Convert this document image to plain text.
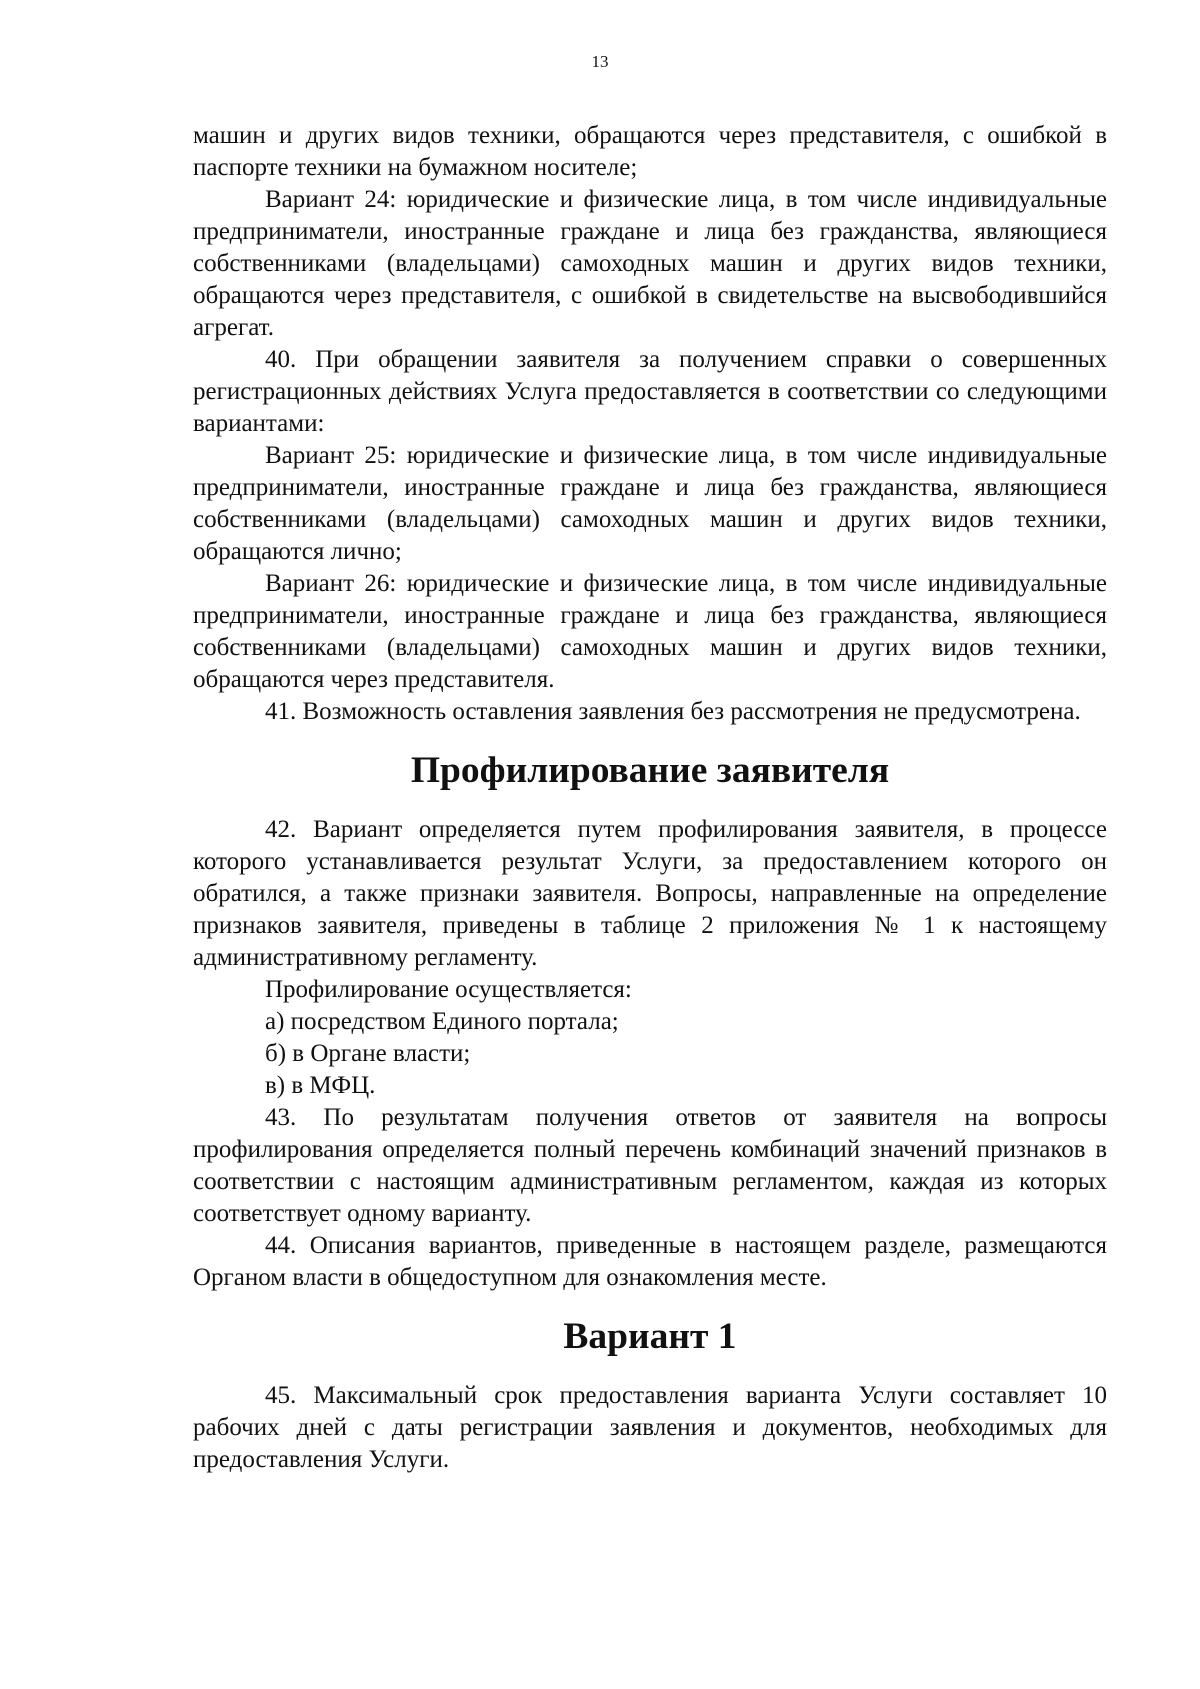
13

машин и других видов техники, обращаются через представителя, с ошибкой в паспорте техники на бумажном носителе;

Вариант 24: юридические и физические лица, в том числе индивидуальные предприниматели, иностранные граждане и лица без гражданства, являющиеся собственниками (владельцами) самоходных машин и других видов техники, обращаются через представителя, с ошибкой в свидетельстве на высвободившийся агрегат.

40. При обращении заявителя за получением справки о совершенных регистрационных действиях Услуга предоставляется в соответствии со следующими вариантами:

Вариант 25: юридические и физические лица, в том числе индивидуальные предприниматели, иностранные граждане и лица без гражданства, являющиеся собственниками (владельцами) самоходных машин и других видов техники, обращаются лично;

Вариант 26: юридические и физические лица, в том числе индивидуальные предприниматели, иностранные граждане и лица без гражданства, являющиеся собственниками (владельцами) самоходных машин и других видов техники, обращаются через представителя.

41. Возможность оставления заявления без рассмотрения не предусмотрена.

Профилирование заявителя

42. Вариант определяется путем профилирования заявителя, в процессе которого устанавливается результат Услуги, за предоставлением которого он обратился, а также признаки заявителя. Вопросы, направленные на определение признаков заявителя, приведены в таблице 2 приложения № 1 к настоящему административному регламенту.

Профилирование осуществляется:

а) посредством Единого портала;

б) в Органе власти;

в) в МФЦ.

43. По результатам получения ответов от заявителя на вопросы профилирования определяется полный перечень комбинаций значений признаков в соответствии с настоящим административным регламентом, каждая из которых соответствует одному варианту.

44. Описания вариантов, приведенные в настоящем разделе, размещаются Органом власти в общедоступном для ознакомления месте.

Вариант 1

45. Максимальный срок предоставления варианта Услуги составляет 10 рабочих дней с даты регистрации заявления и документов, необходимых для предоставления Услуги.
